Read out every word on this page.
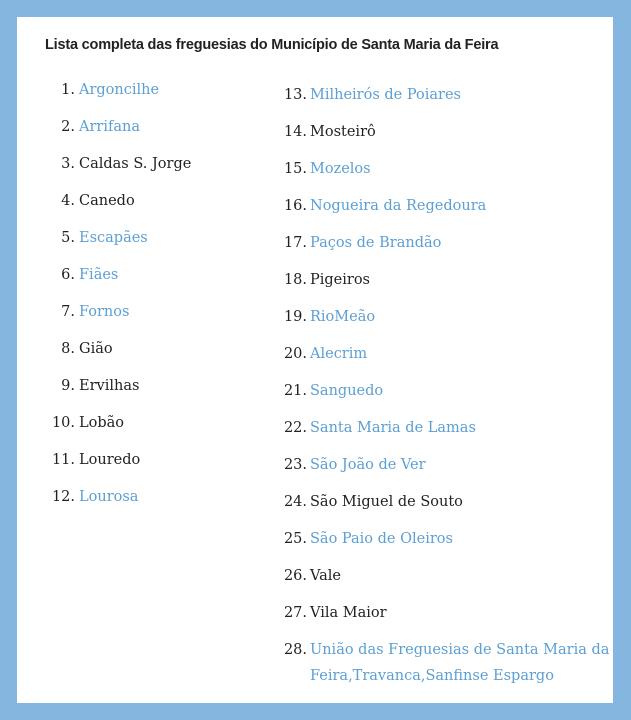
Lista completa das freguesias do Município de Santa Maria da Feira
1. Argoncilhe
2. Arrifana
3. Caldas S. Jorge
4. Canedo
5. Escapães
6. Fiães
7. Fornos
8. Gião
9. Ervilhas
10. Lobão
11. Louredo
12. Lourosa
13. Milheirós de Poiares
14. Mosteirô
15. Mozelos
16. Nogueira da Regedoura
17. Paços de Brandão
18. Pigeiros
19. RioMeão
20. Alecrim
21. Sanguedo
22. Santa Maria de Lamas
23. São João de Ver
24. São Miguel de Souto
25. São Paio de Oleiros
26. Vale
27. Vila Maior
28. União das Freguesias de Santa Maria da Feira,Travanca,Sanfinse Espargo
